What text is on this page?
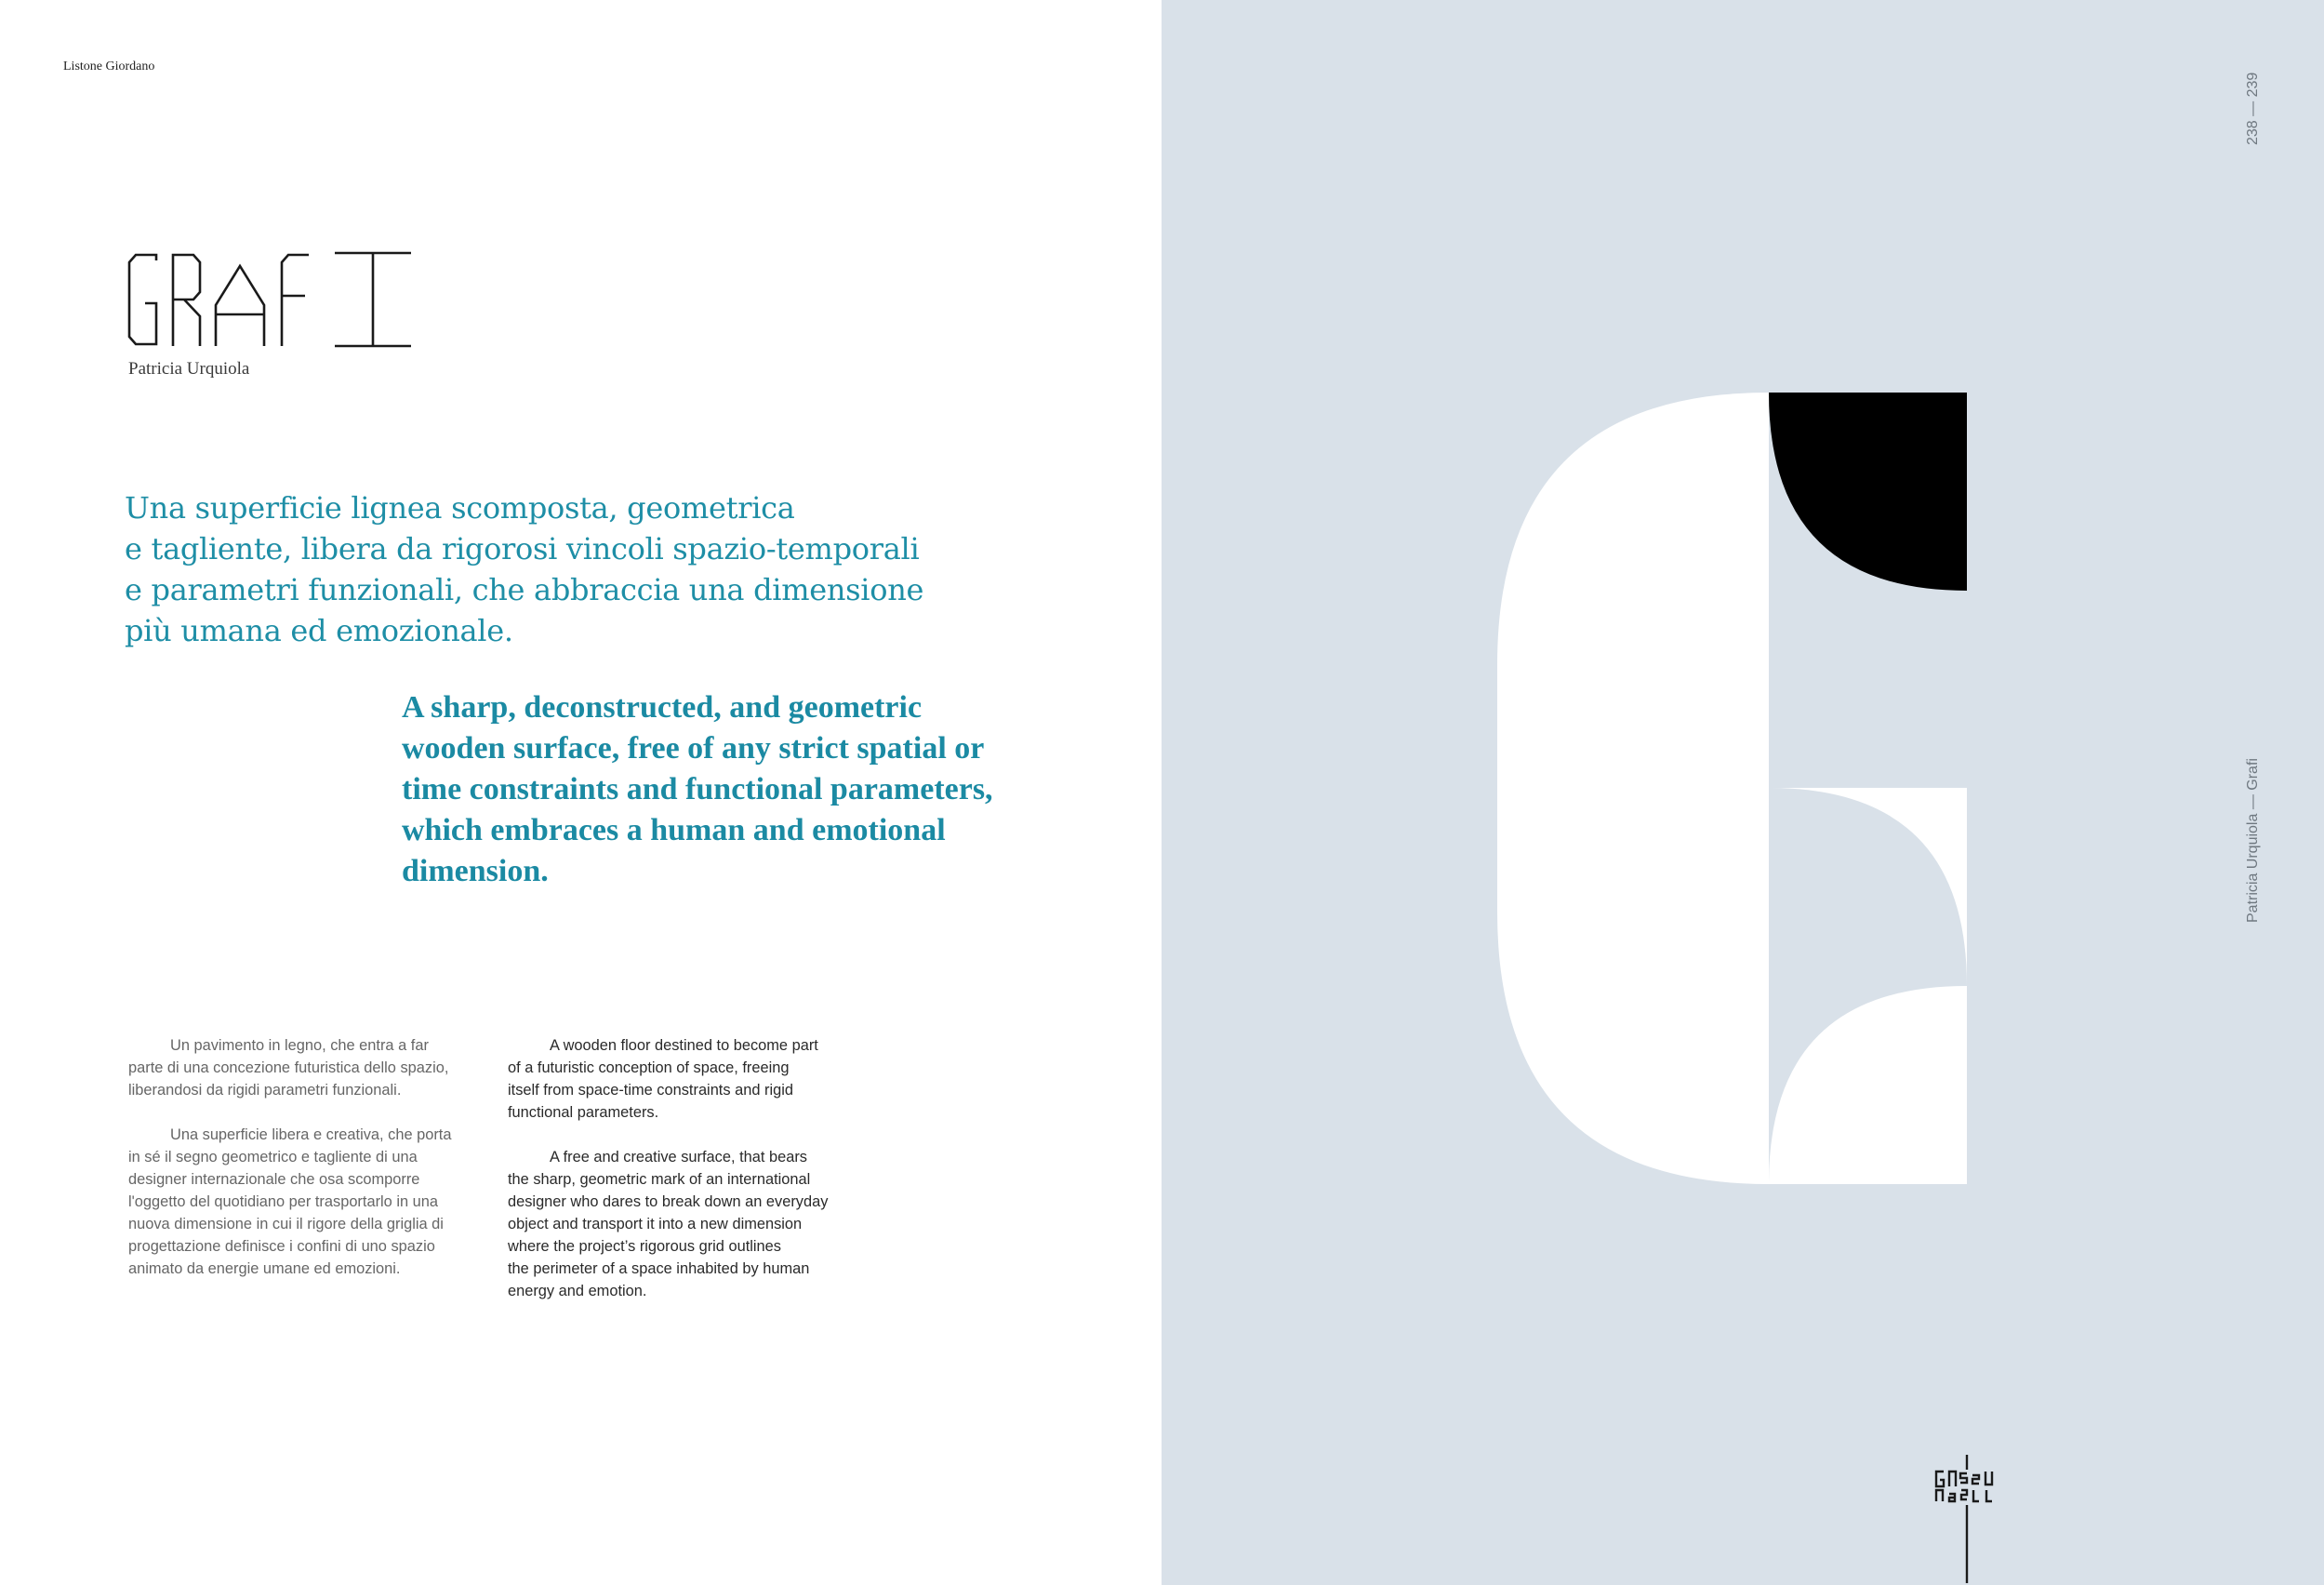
Listone Giordano
Patricia Urquiola
Una superficie lignea scomposta, geometrica
e tagliente, libera da rigorosi vincoli spazio-temporali
e parametri funzionali, che abbraccia una dimensione
più umana ed emozionale.
A sharp, deconstructed, and geometric
wooden surface, free of any strict spatial or
time constraints and functional parameters,
which embraces a human and emotional
dimension.
Un pavimento in legno, che entra a far
parte di una concezione futuristica dello spazio,
liberandosi da rigidi parametri funzionali.
Una superficie libera e creativa, che porta
in sé il segno geometrico e tagliente di una
designer internazionale che osa scomporre
l'oggetto del quotidiano per trasportarlo in una
nuova dimensione in cui il rigore della griglia di
progettazione definisce i confini di uno spazio
animato da energie umane ed emozioni.
A wooden floor destined to become part
of a futuristic conception of space, freeing
itself from space-time constraints and rigid
functional parameters.
A free and creative surface, that bears
the sharp, geometric mark of an international
designer who dares to break down an everyday
object and transport it into a new dimension
where the project’s rigorous grid outlines
the perimeter of a space inhabited by human
energy and emotion.
238 — 239
Patricia Urquiola — Grafi
